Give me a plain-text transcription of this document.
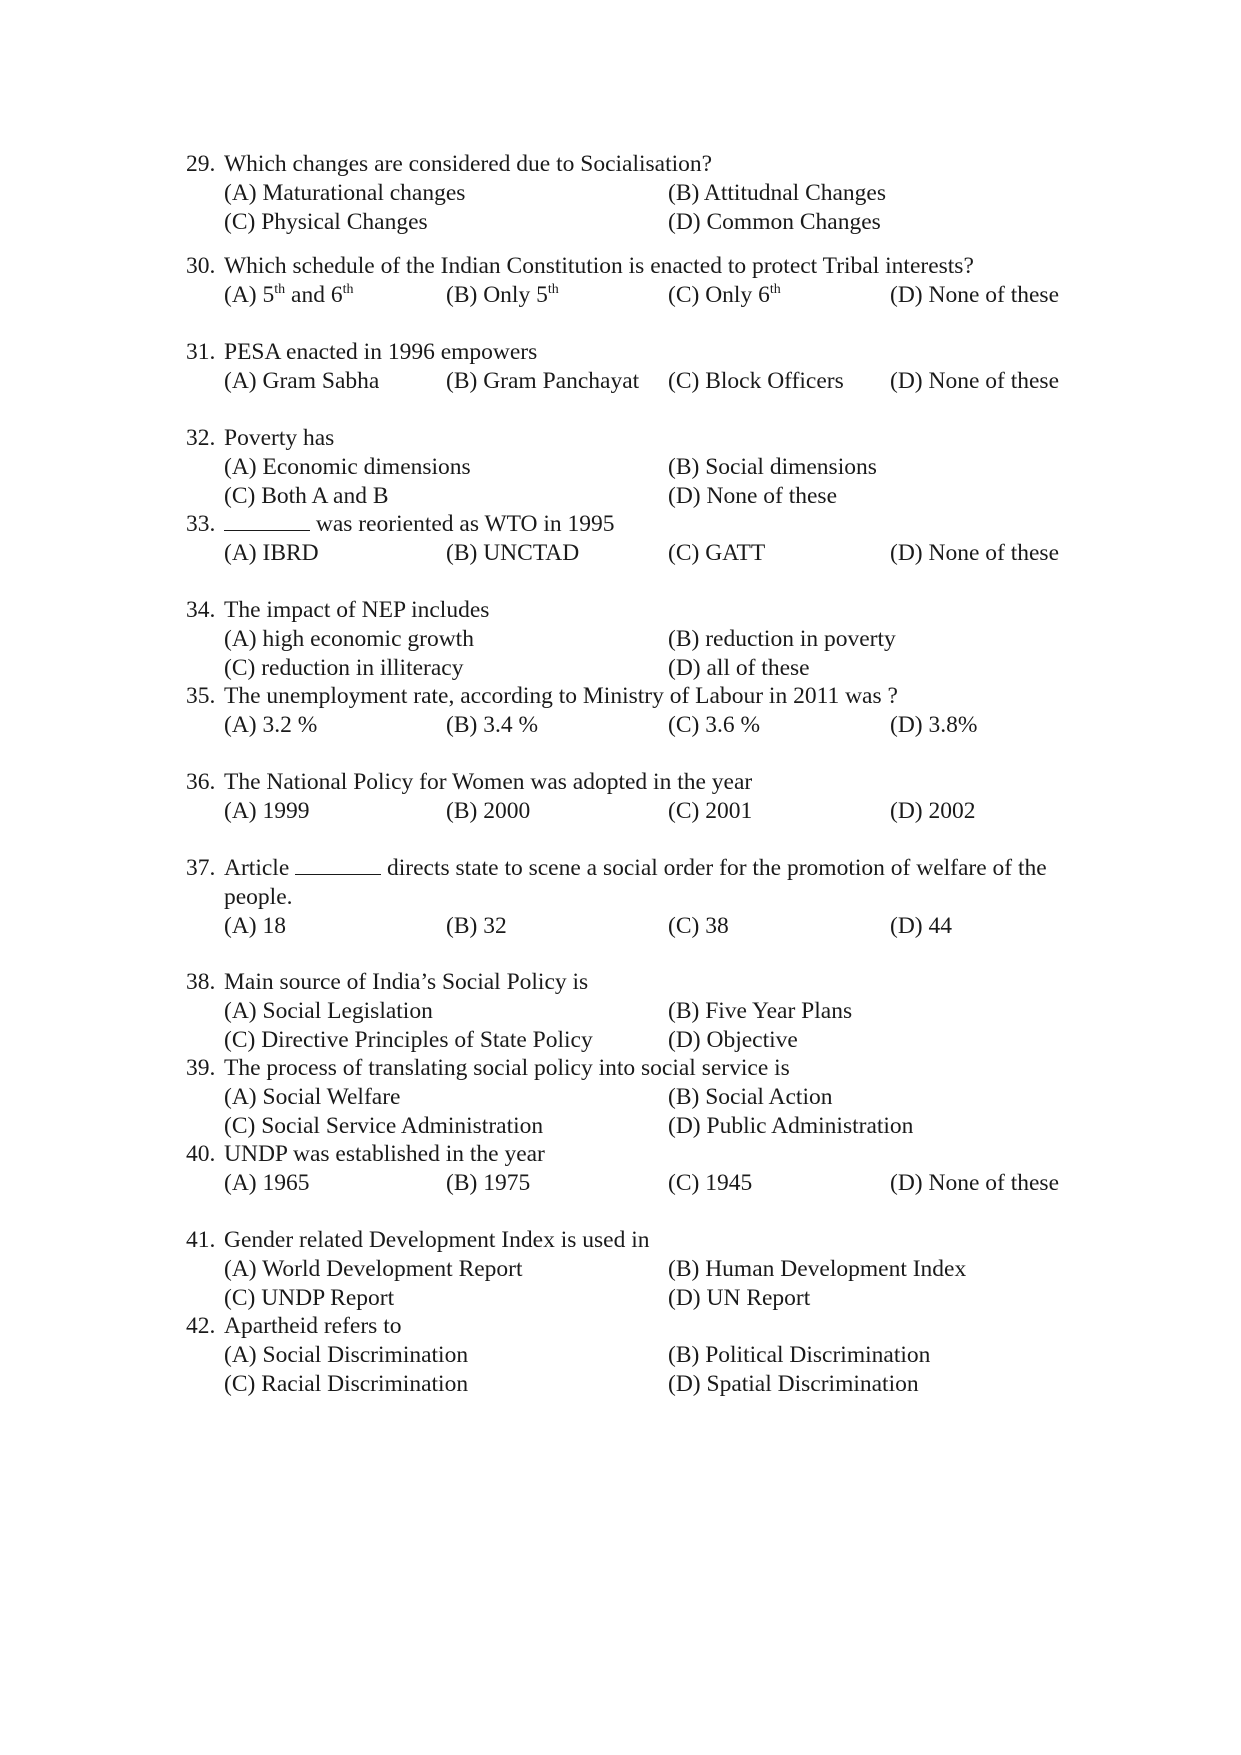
29. Which changes are considered due to Socialisation?
(A) Maturational changes	(B) Attitudnal Changes
(C) Physical Changes	(D) Common Changes
30. Which schedule of the Indian Constitution is enacted to protect Tribal interests?
(A) 5th and 6th	(B) Only 5th	(C) Only 6th	(D) None of these
31. PESA enacted in 1996 empowers
(A) Gram Sabha	(B) Gram Panchayat (C) Block Officers (D) None of these
32. Poverty has
(A) Economic dimensions	(B) Social dimensions
(C) Both A and B	(D) None of these
33.	was reoriented as WTO in 1995
(A) IBRD	(B) UNCTAD	(C) GATT	(D) None of these
34. The impact of NEP includes
(A) high economic growth	(B) reduction in poverty
(C) reduction in illiteracy	(D) all of these
35. The unemployment rate, according to Ministry of Labour in 2011 was ?
(A) 3.2 %	(B) 3.4 %	(C) 3.6 %	(D) 3.8%
36. The National Policy for Women was adopted in the year
(A) 1999	(B) 2000	(C) 2001	(D) 2002
37. Article	directs state to scene a social order for the promotion of welfare of the
people.
(A) 18	(B) 32	(C) 38	(D) 44
38. Main source of India’s Social Policy is
(A) Social Legislation	(B) Five Year Plans
(C) Directive Principles of State Policy	(D) Objective
39. The process of translating social policy into social service is
(A) Social Welfare	(B) Social Action
(C) Social Service Administration	(D) Public Administration
40. UNDP was established in the year
(A) 1965	(B) 1975	(C) 1945	(D) None of these
41. Gender related Development Index is used in
(A) World Development Report	(B) Human Development Index
(C) UNDP Report	(D) UN Report
42. Apartheid refers to
(A) Social Discrimination	(B) Political Discrimination
(C) Racial Discrimination	(D) Spatial Discrimination
